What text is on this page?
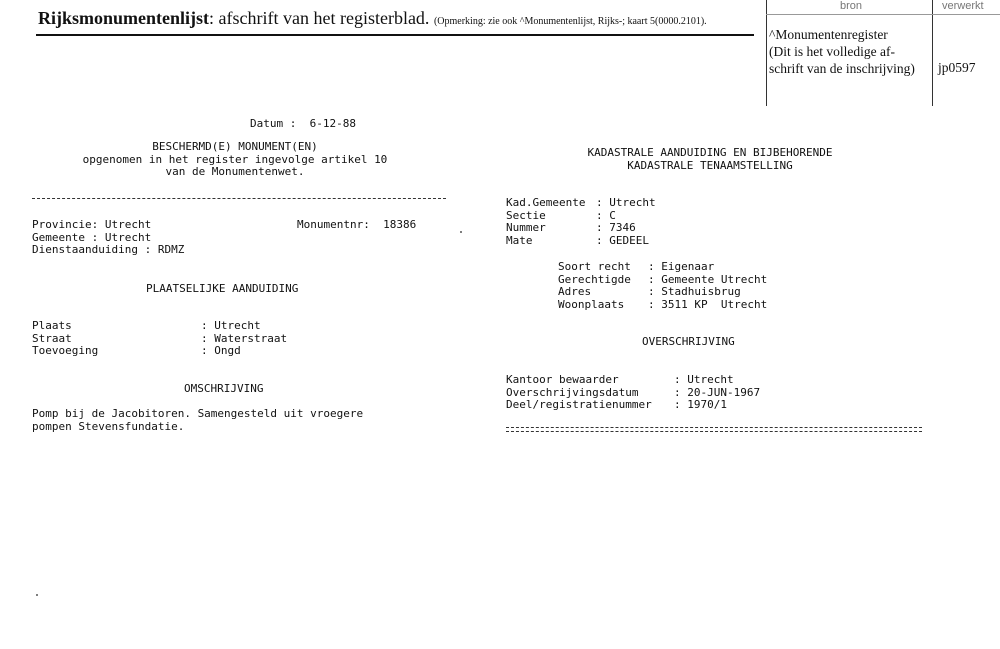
Rijksmonumentenlijst: afschrift van het registerblad. (Opmerking: zie ook ^Monumentenlijst, Rijks-; kaart 5(0000.2101).
bron	verwerkt
^Monumentenregister
(Dit is het volledige af-
schrift van de inschrijving) jp0597
Datum :  6-12-88
BESCHERMD(E) MONUMENT(EN)
opgenomen in het register ingevolge artikel 10
van de Monumentenwet.
Provincie: Utrecht
Gemeente : Utrecht
Dienstaanduiding : RDMZ
Monumentnr: 18386
PLAATSELIJKE AANDUIDING
Plaats
Straat
Toevoeging
: Utrecht
: Waterstraat
: Ongd
OMSCHRIJVING
Pomp bij de Jacobitoren. Samengesteld uit vroegere
pompen Stevensfundatie.
KADASTRALE AANDUIDING EN BIJBEHORENDE
KADASTRALE TENAAMSTELLING
Kad.Gemeente
Sectie
Nummer
Mate
: Utrecht
: C
: 7346
: GEDEEL
Soort recht
Gerechtigde
Adres
Woonplaats
: Eigenaar
: Gemeente Utrecht
: Stadhuisbrug
: 3511 KP  Utrecht
OVERSCHRIJVING
Kantoor bewaarder
Overschrijvingsdatum
Deel/registratienummer
: Utrecht
: 20-JUN-1967
: 1970/1
